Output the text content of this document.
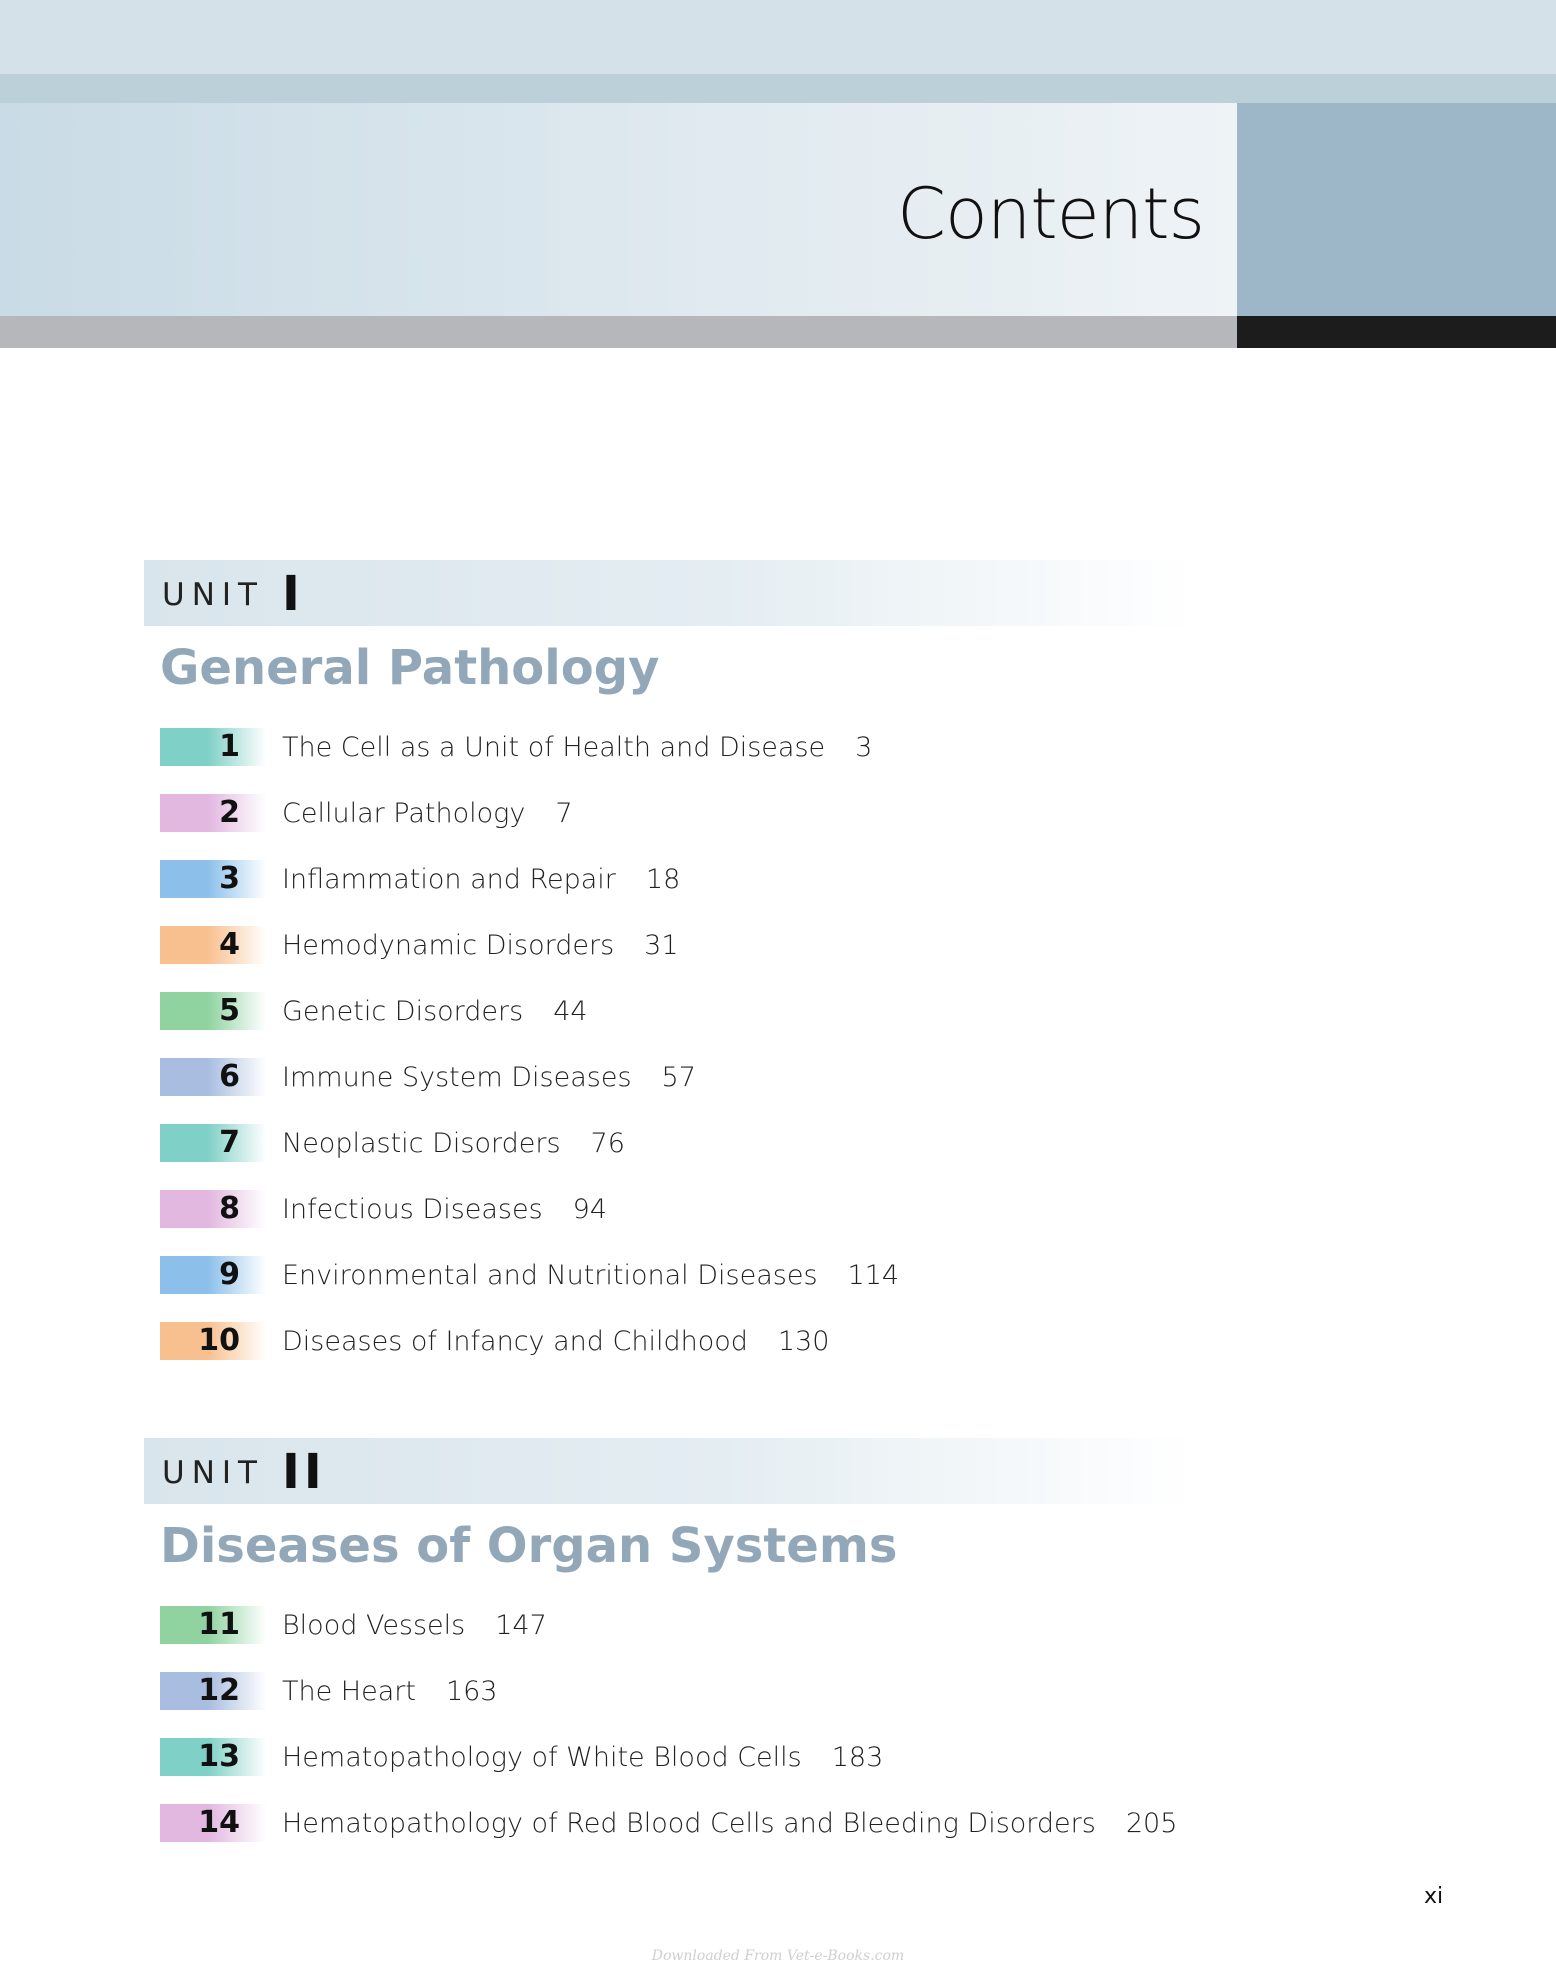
Contents
UNIT I
General Pathology
UNIT II
Diseases of Organ Systems
1 The Cell as a Unit of Health and Disease 3
2 Cellular Pathology 7
3 Inflammation and Repair 18
4 Hemodynamic Disorders 31
5 Genetic Disorders 44
6 Immune System Diseases 57
7 Neoplastic Disorders 76
8 Infectious Diseases 94
9 Environmental and Nutritional Diseases 114
10 Diseases of Infancy and Childhood 130
11 Blood Vessels 147
12 The Heart 163
13 Hematopathology of White Blood Cells 183
14 Hematopathology of Red Blood Cells and Bleeding Disorders 205
xi
Downloaded From Vet-e-Books.com
